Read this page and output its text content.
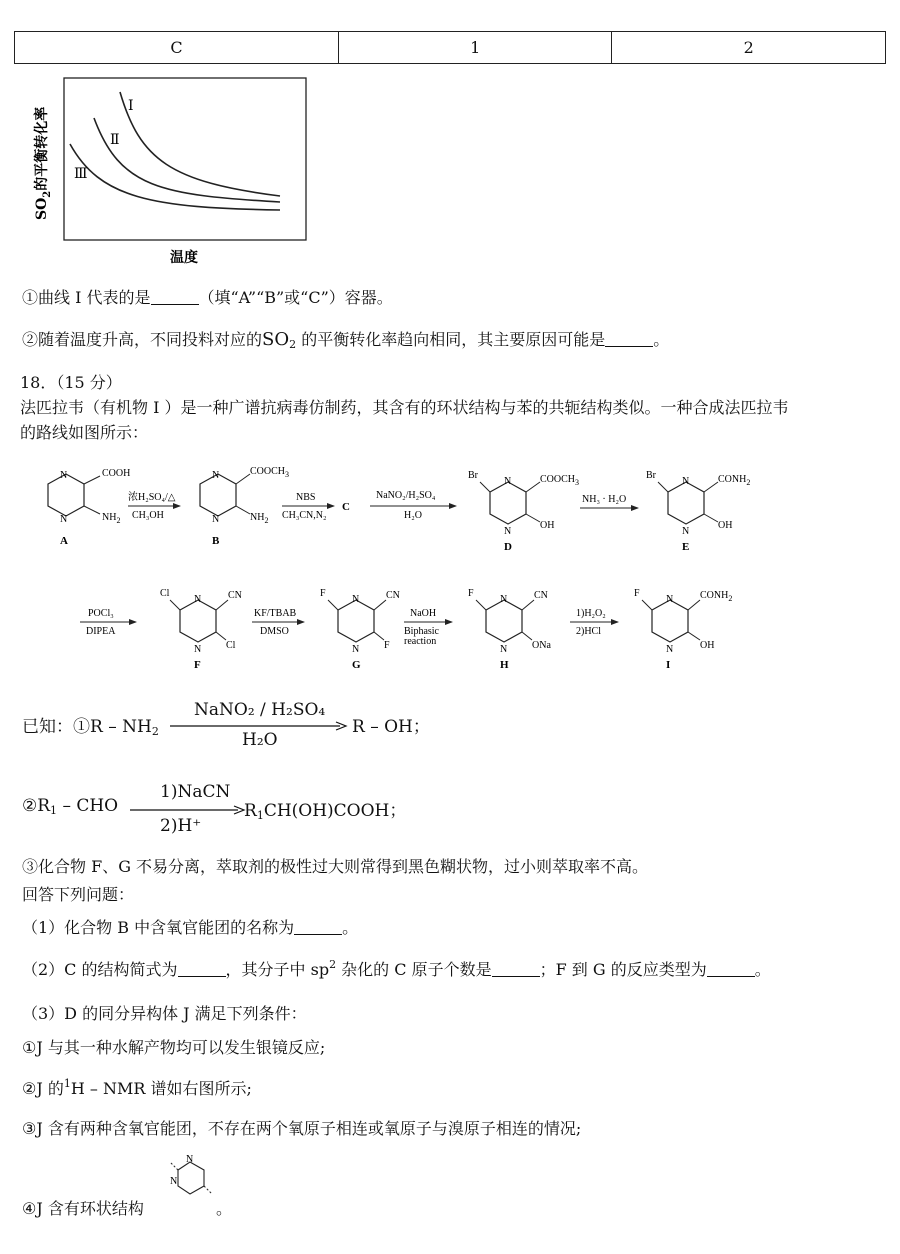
C	1	2
I
Ⅱ
Ⅲ
$SO_2$的平衡转化率
温度
①曲线 I 代表的是	（填“A”“B”或“C”）容器。
②随着温度升高，不同投料对应的$SO_2$ 的平衡转化率趋向相同，其主要原因可能是	。
18．（15 分）
法匹拉韦（有机物 I ）是一种广谱抗病毒仿制药，其含有的环状结构与苯的共轭结构类似。一种合成法匹拉韦
的路线如图所示：
N
N
COOH
$NH_2$
A
浓H₂SO₄/△
CH₃OH
N
N
$COOCH_3$
$NH_2$
B
NBS
CH₃CN,N₂
C
NaNO₂/H₂SO₄
H₂O
Br
N
N
$COOCH_3$
OH
D
NH₃ · H₂O
Br
N
N
$CONH_2$
OH
E
POCl₃
DIPEA
Cl
N
N
CN
Cl
F
KF/TBAB
DMSO
F
N
N
CN
F
G
NaOH
Biphasic
reaction
F
N
N
CN
ONa
H
1)H₂O₂
2)HCl
F
N
N
$CONH_2$
OH
I
已知：①R – $NH_2$
NaNO₂ / H₂SO₄
H₂O
R – OH；
$②R_1$ – CHO
1)NaCN
2)H⁺
$R_1CH(OH)COOH$；
③化合物 F、G 不易分离，萃取剂的极性过大则常得到黑色糊状物，过小则萃取率不高。
回答下列问题：
（1）化合物 B 中含氧官能团的名称为	。
（2）C 的结构简式为	，其分子中 $sp^2$ 杂化的 C 原子个数是	；F 到 G 的反应类型为	。
（3）D 的同分异构体 J 满足下列条件：
①J 与其一种水解产物均可以发生银镜反应;
②J 的$^1$H – NMR 谱如右图所示;
③J 含有两种含氧官能团，不存在两个氧原子相连或氧原子与溴原子相连的情况;
④J 含有环状结构
N
N
。
